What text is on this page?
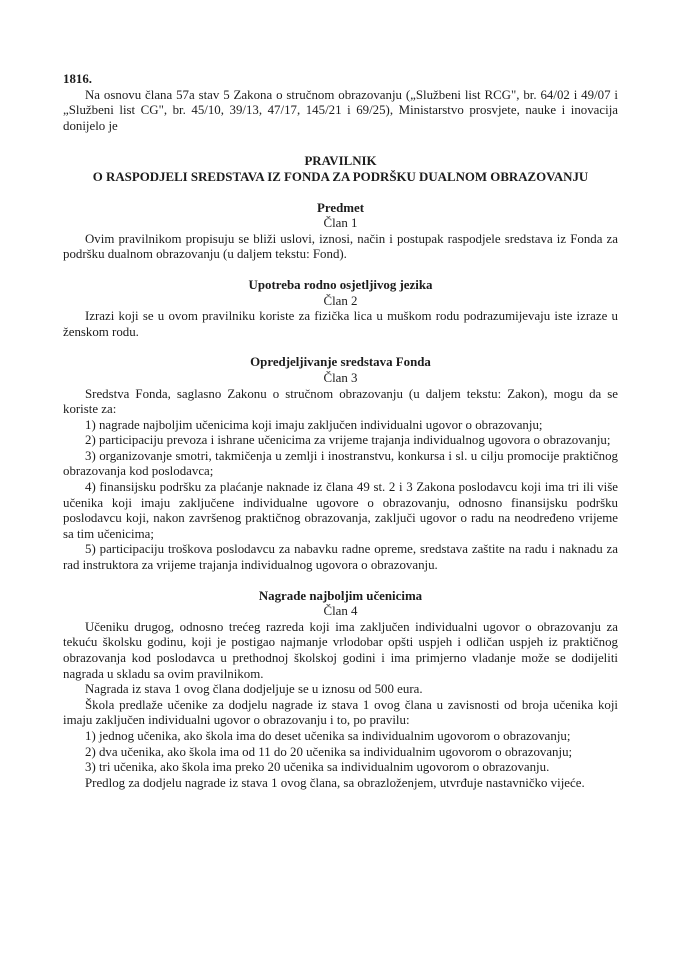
1816.

Na osnovu člana 57a stav 5 Zakona o stručnom obrazovanju („Službeni list RCG", br. 64/02 i 49/07 i „Službeni list CG", br. 45/10, 39/13, 47/17, 145/21 i 69/25), Ministarstvo prosvjete, nauke i inovacija donijelo je

PRAVILNIK
O RASPODJELI SREDSTAVA IZ FONDA ZA PODRŠKU DUALNOM OBRAZOVANJU
Predmet
Član 1

Ovim pravilnikom propisuju se bliži uslovi, iznosi, način i postupak raspodjele sredstava iz Fonda za podršku dualnom obrazovanju (u daljem tekstu: Fond).

Upotreba rodno osjetljivog jezika
Član 2

Izrazi koji se u ovom pravilniku koriste za fizička lica u muškom rodu podrazumijevaju iste izraze u ženskom rodu.

Opredjeljivanje sredstava Fonda
Član 3

Sredstva Fonda, saglasno Zakonu o stručnom obrazovanju (u daljem tekstu: Zakon), mogu da se koriste za:

1) nagrade najboljim učenicima koji imaju zaključen individualni ugovor o obrazovanju;

2) participaciju prevoza i ishrane učenicima za vrijeme trajanja individualnog ugovora o obrazovanju;

3) organizovanje smotri, takmičenja u zemlji i inostranstvu, konkursa i sl. u cilju promocije praktičnog obrazovanja kod poslodavca;

4) finansijsku podršku za plaćanje naknade iz člana 49 st. 2 i 3 Zakona poslodavcu koji ima tri ili više učenika koji imaju zaključene individualne ugovore o obrazovanju, odnosno finansijsku podršku poslodavcu koji, nakon završenog praktičnog obrazovanja, zaključi ugovor o radu na neodređeno vrijeme sa tim učenicima;

5) participaciju troškova poslodavcu za nabavku radne opreme, sredstava zaštite na radu i naknadu za rad instruktora za vrijeme trajanja individualnog ugovora o obrazovanju.

Nagrade najboljim učenicima
Član 4

Učeniku drugog, odnosno trećeg razreda koji ima zaključen individualni ugovor o obrazovanju za tekuću školsku godinu, koji je postigao najmanje vrlodobar opšti uspjeh i odličan uspjeh iz praktičnog obrazovanja kod poslodavca u prethodnoj školskoj godini i ima primjerno vladanje može se dodijeliti nagrada u skladu sa ovim pravilnikom.

Nagrada iz stava 1 ovog člana dodjeljuje se u iznosu od 500 eura.

Škola predlaže učenike za dodjelu nagrade iz stava 1 ovog člana u zavisnosti od broja učenika koji imaju zaključen individualni ugovor o obrazovanju i to, po pravilu:

1) jednog učenika, ako škola ima do deset učenika sa individualnim ugovorom o obrazovanju;

2) dva učenika, ako škola ima od 11 do 20 učenika sa individualnim ugovorom o obrazovanju;

3) tri učenika, ako škola ima preko 20 učenika sa individualnim ugovorom o obrazovanju.

Predlog za dodjelu nagrade iz stava 1 ovog člana, sa obrazloženjem, utvrđuje nastavničko vijeće.
